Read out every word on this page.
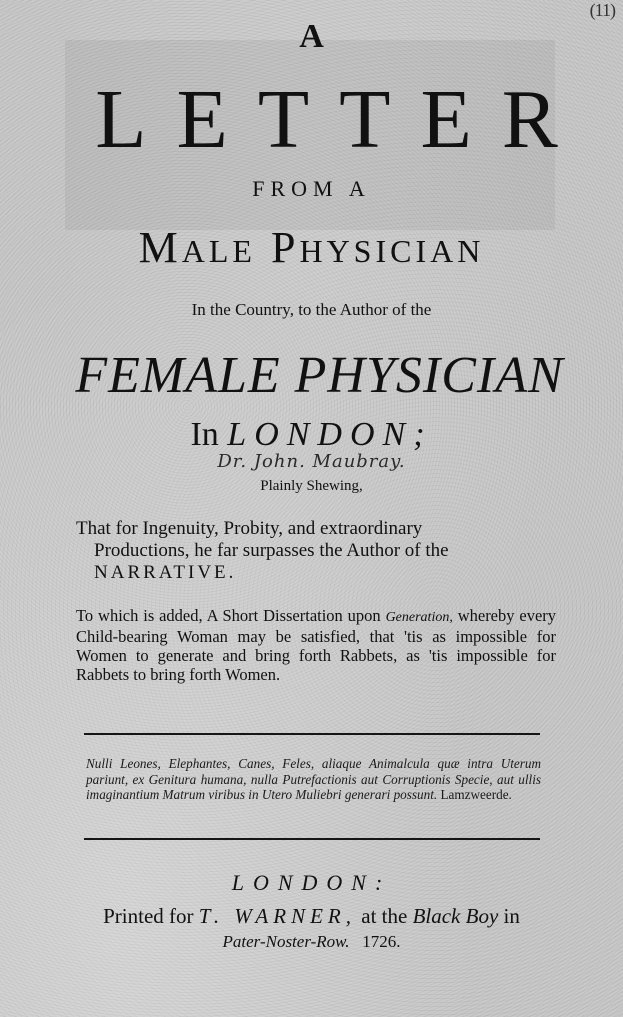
(11)
A
LETTER
FROM A
MALE PHYSICIAN
In the Country, to the Author of the
FEMALE PHYSICIAN
In LONDON;
Dr. John. Maubray.
Plainly Shewing,
That for Ingenuity, Probity, and extraordinary
Productions, he far surpasses the Author of the
NARRATIVE.
To which is added, A Short Dissertation upon Generation, whereby every Child-bearing Woman may be satisfied, that 'tis as impossible for Women to generate and bring forth Rabbets, as 'tis impossible for Rabbets to bring forth Women.
Nulli Leones, Elephantes, Canes, Feles, aliaque Animalcula quæ intra Uterum pariunt, ex Genitura humana, nulla Putrefactionis aut Corruptionis Specie, aut ullis imaginantium Matrum viribus in Utero Muliebri generari possunt. Lamzweerde.
LONDON:
Printed for T. WARNER, at the Black Boy in
Pater-Noster-Row. 1726.
